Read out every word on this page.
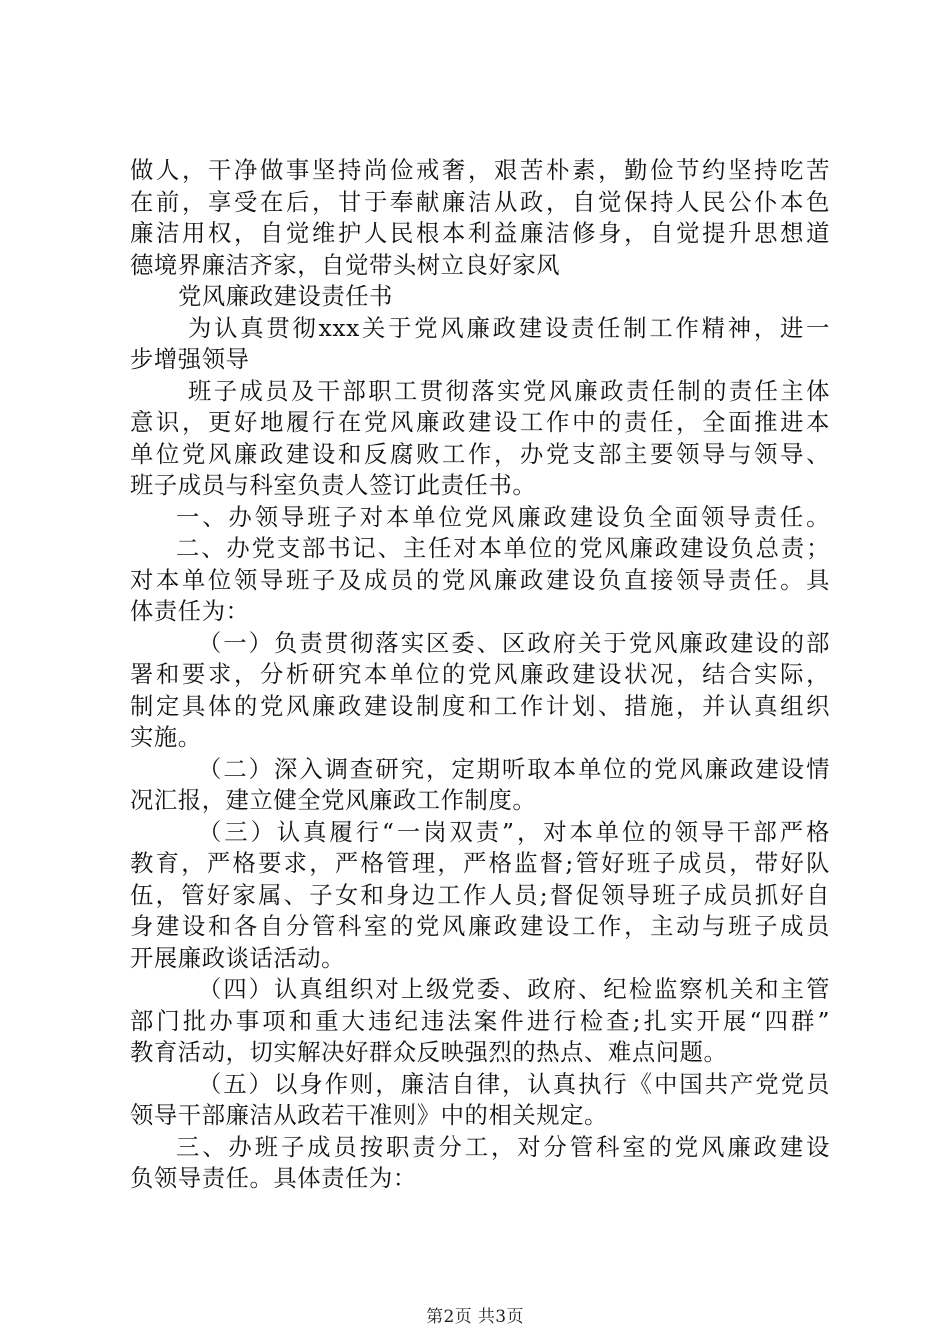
做人，干净做事坚持尚俭戒奢，艰苦朴素，勤俭节约坚持吃苦
在前，享受在后，甘于奉献廉洁从政，自觉保持人民公仆本色
廉洁用权，自觉维护人民根本利益廉洁修身，自觉提升思想道
德境界廉洁齐家，自觉带头树立良好家风
党风廉政建设责任书
为认真贯彻xxx关于党风廉政建设责任制工作精神，进一
步增强领导
班子成员及干部职工贯彻落实党风廉政责任制的责任主体
意识，更好地履行在党风廉政建设工作中的责任，全面推进本
单位党风廉政建设和反腐败工作，办党支部主要领导与领导、
班子成员与科室负责人签订此责任书。
一、办领导班子对本单位党风廉政建设负全面领导责任。
二、办党支部书记、主任对本单位的党风廉政建设负总责；
对本单位领导班子及成员的党风廉政建设负直接领导责任。具
体责任为：
（一）负责贯彻落实区委、区政府关于党风廉政建设的部
署和要求，分析研究本单位的党风廉政建设状况，结合实际，
制定具体的党风廉政建设制度和工作计划、措施，并认真组织
实施。
（二）深入调查研究，定期听取本单位的党风廉政建设情
况汇报，建立健全党风廉政工作制度。
（三）认真履行“一岗双责”，对本单位的领导干部严格
教育，严格要求，严格管理，严格监督;管好班子成员，带好队
伍，管好家属、子女和身边工作人员;督促领导班子成员抓好自
身建设和各自分管科室的党风廉政建设工作，主动与班子成员
开展廉政谈话活动。
（四）认真组织对上级党委、政府、纪检监察机关和主管
部门批办事项和重大违纪违法案件进行检查;扎实开展“四群”
教育活动，切实解决好群众反映强烈的热点、难点问题。
（五）以身作则，廉洁自律，认真执行《中国共产党党员
领导干部廉洁从政若干准则》中的相关规定。
三、办班子成员按职责分工，对分管科室的党风廉政建设
负领导责任。具体责任为：
第2页 共3页
